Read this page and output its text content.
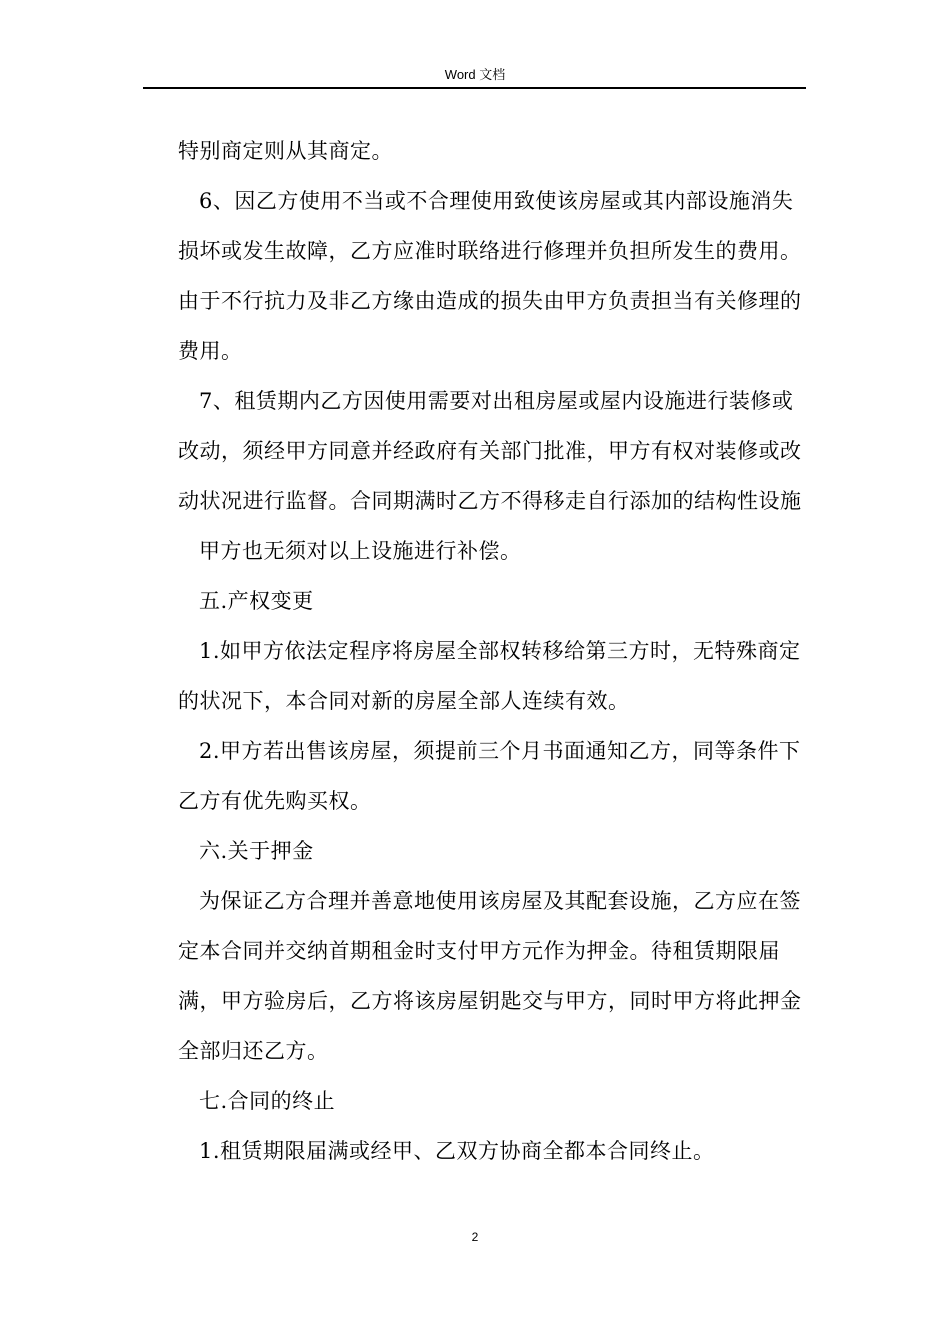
Word 文档

特别商定则从其商定。

6、因乙方使用不当或不合理使用致使该房屋或其内部设施消失损坏或发生故障，乙方应准时联络进行修理并负担所发生的费用。由于不行抗力及非乙方缘由造成的损失由甲方负责担当有关修理的费用。

7、租赁期内乙方因使用需要对出租房屋或屋内设施进行装修或改动，须经甲方同意并经政府有关部门批准，甲方有权对装修或改动状况进行监督。合同期满时乙方不得移走自行添加的结构性设施

甲方也无须对以上设施进行补偿。

五.产权变更

1.如甲方依法定程序将房屋全部权转移给第三方时，无特殊商定的状况下，本合同对新的房屋全部人连续有效。

2.甲方若出售该房屋，须提前三个月书面通知乙方，同等条件下乙方有优先购买权。

六.关于押金

为保证乙方合理并善意地使用该房屋及其配套设施，乙方应在签定本合同并交纳首期租金时支付甲方元作为押金。待租赁期限届满，甲方验房后，乙方将该房屋钥匙交与甲方，同时甲方将此押金全部归还乙方。

七.合同的终止

1.租赁期限届满或经甲、乙双方协商全都本合同终止。

2
